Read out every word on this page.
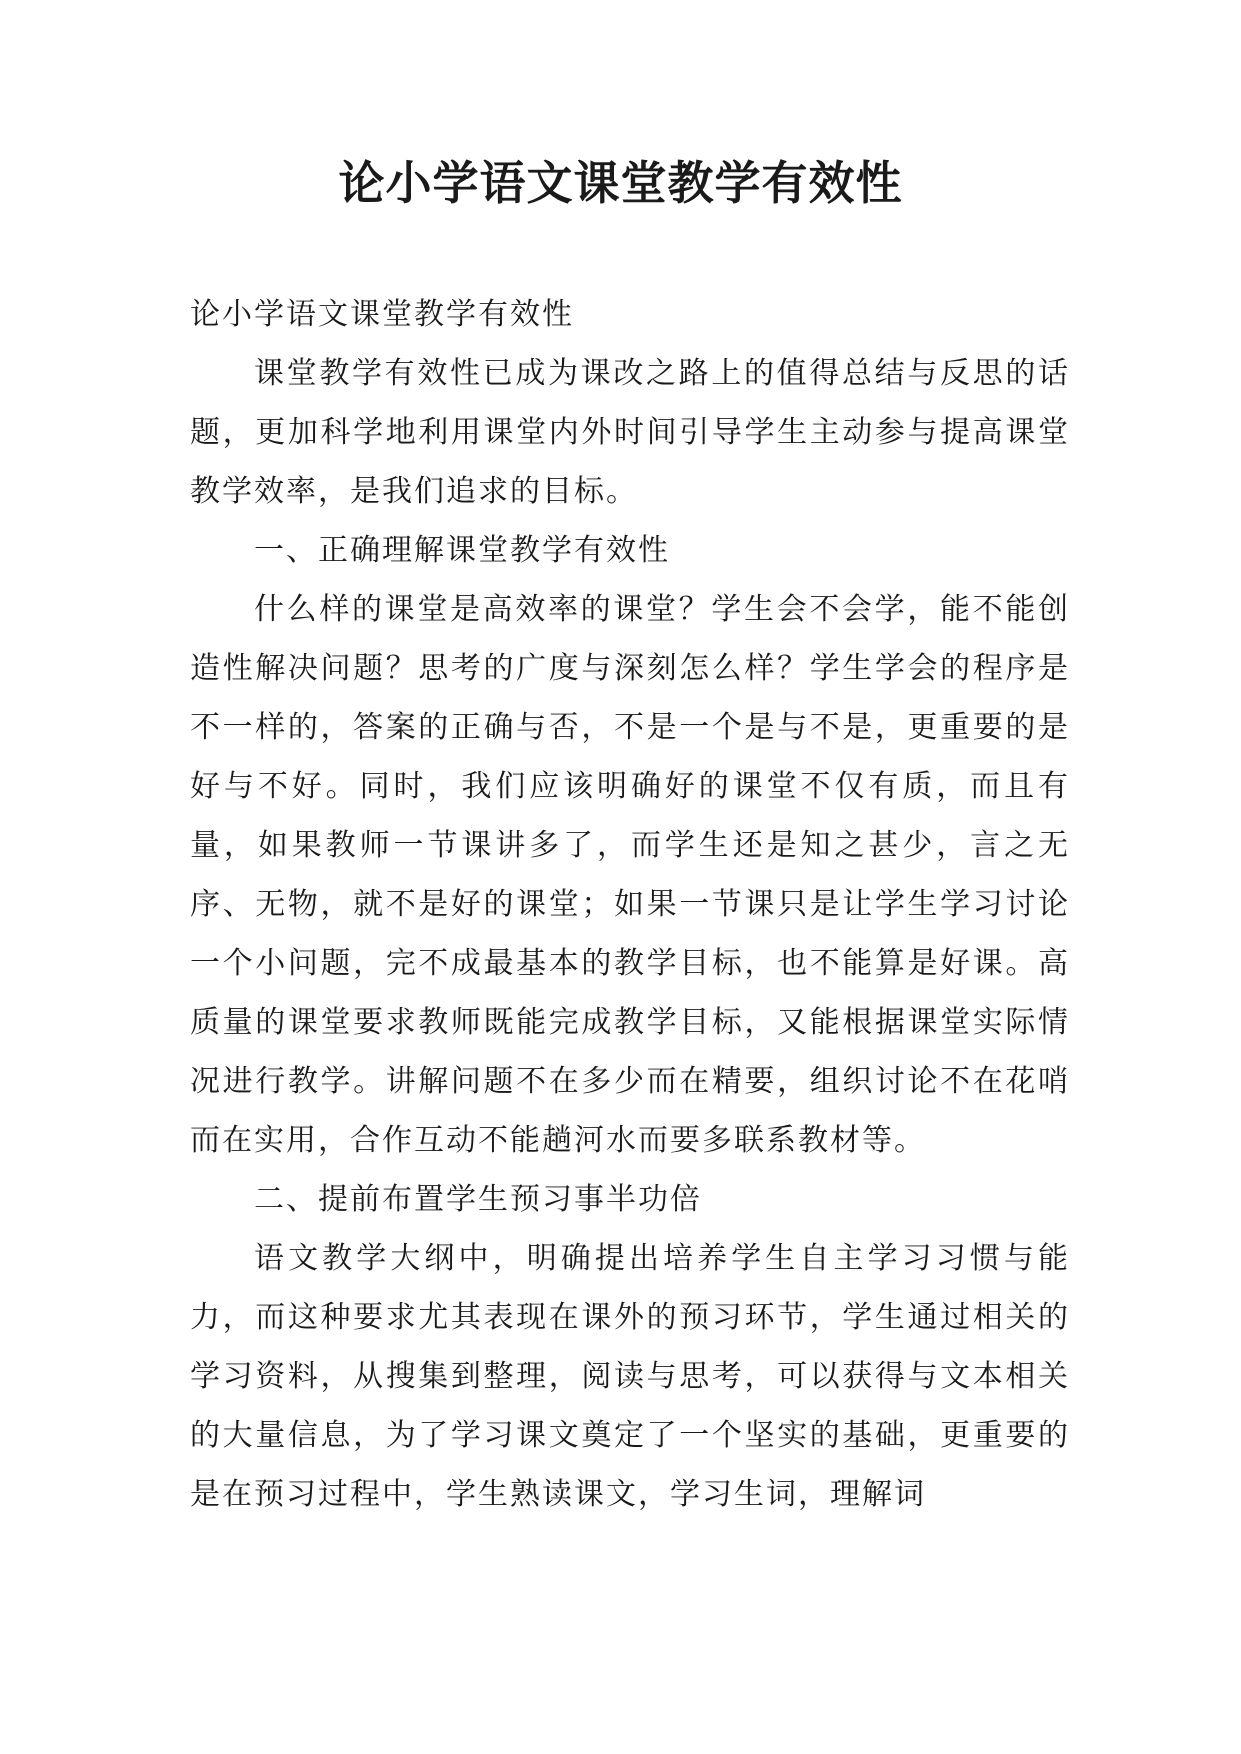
论小学语文课堂教学有效性

论小学语文课堂教学有效性

课堂教学有效性已成为课改之路上的值得总结与反思的话题，更加科学地利用课堂内外时间引导学生主动参与提高课堂教学效率，是我们追求的目标。

一、正确理解课堂教学有效性

什么样的课堂是高效率的课堂？学生会不会学，能不能创造性解决问题？思考的广度与深刻怎么样？学生学会的程序是不一样的，答案的正确与否，不是一个是与不是，更重要的是好与不好。同时，我们应该明确好的课堂不仅有质，而且有量，如果教师一节课讲多了，而学生还是知之甚少，言之无序、无物，就不是好的课堂；如果一节课只是让学生学习讨论一个小问题，完不成最基本的教学目标，也不能算是好课。高质量的课堂要求教师既能完成教学目标，又能根据课堂实际情况进行教学。讲解问题不在多少而在精要，组织讨论不在花哨而在实用，合作互动不能趟河水而要多联系教材等。

二、提前布置学生预习事半功倍

语文教学大纲中，明确提出培养学生自主学习习惯与能力，而这种要求尤其表现在课外的预习环节，学生通过相关的学习资料，从搜集到整理，阅读与思考，可以获得与文本相关的大量信息，为了学习课文奠定了一个坚实的基础，更重要的是在预习过程中，学生熟读课文，学习生词，理解词
